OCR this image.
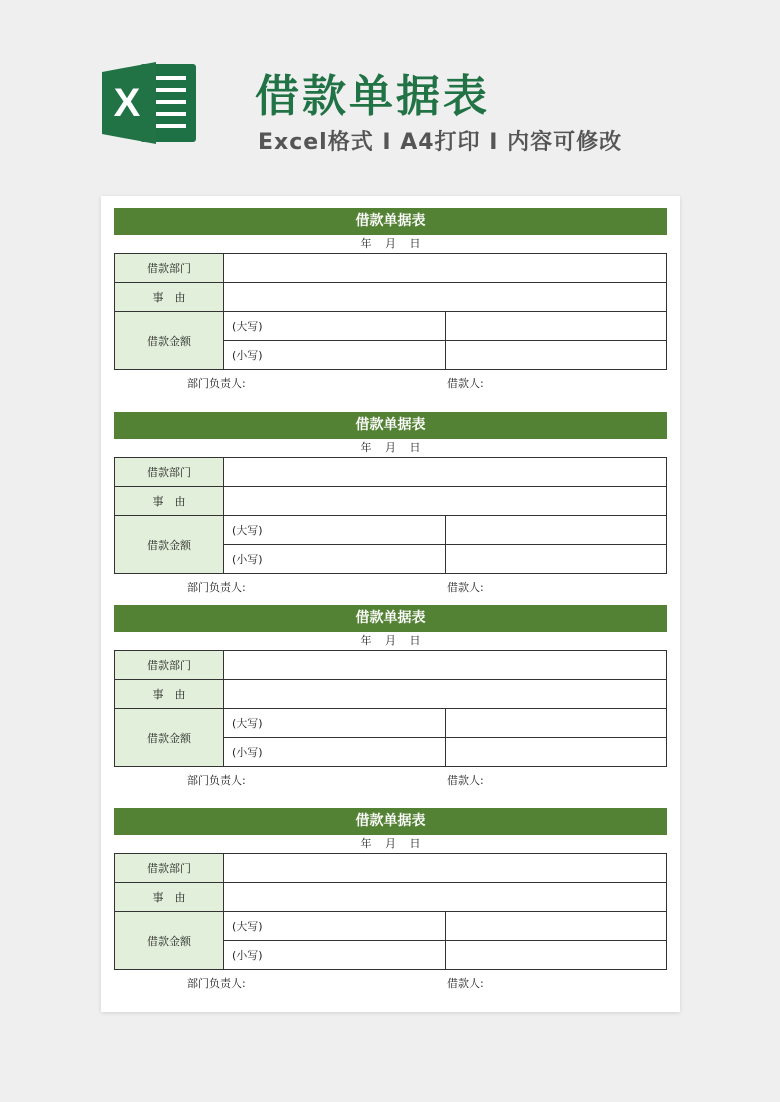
X	借款单据表
Excel格式 I A4打印 I 内容可修改
借款单据表
年 月 日
借款部门		
事　由		
借款金额	(大写)	
	(小写)	
部门负责人:	借款人:
借款单据表
年 月 日
借款部门		
事　由		
借款金额	(大写)	
	(小写)	
部门负责人:	借款人:
借款单据表
年 月 日
借款部门		
事　由		
借款金额	(大写)	
	(小写)	
部门负责人:	借款人:
借款单据表
年 月 日
借款部门		
事　由		
借款金额	(大写)	
	(小写)	
部门负责人:	借款人:
